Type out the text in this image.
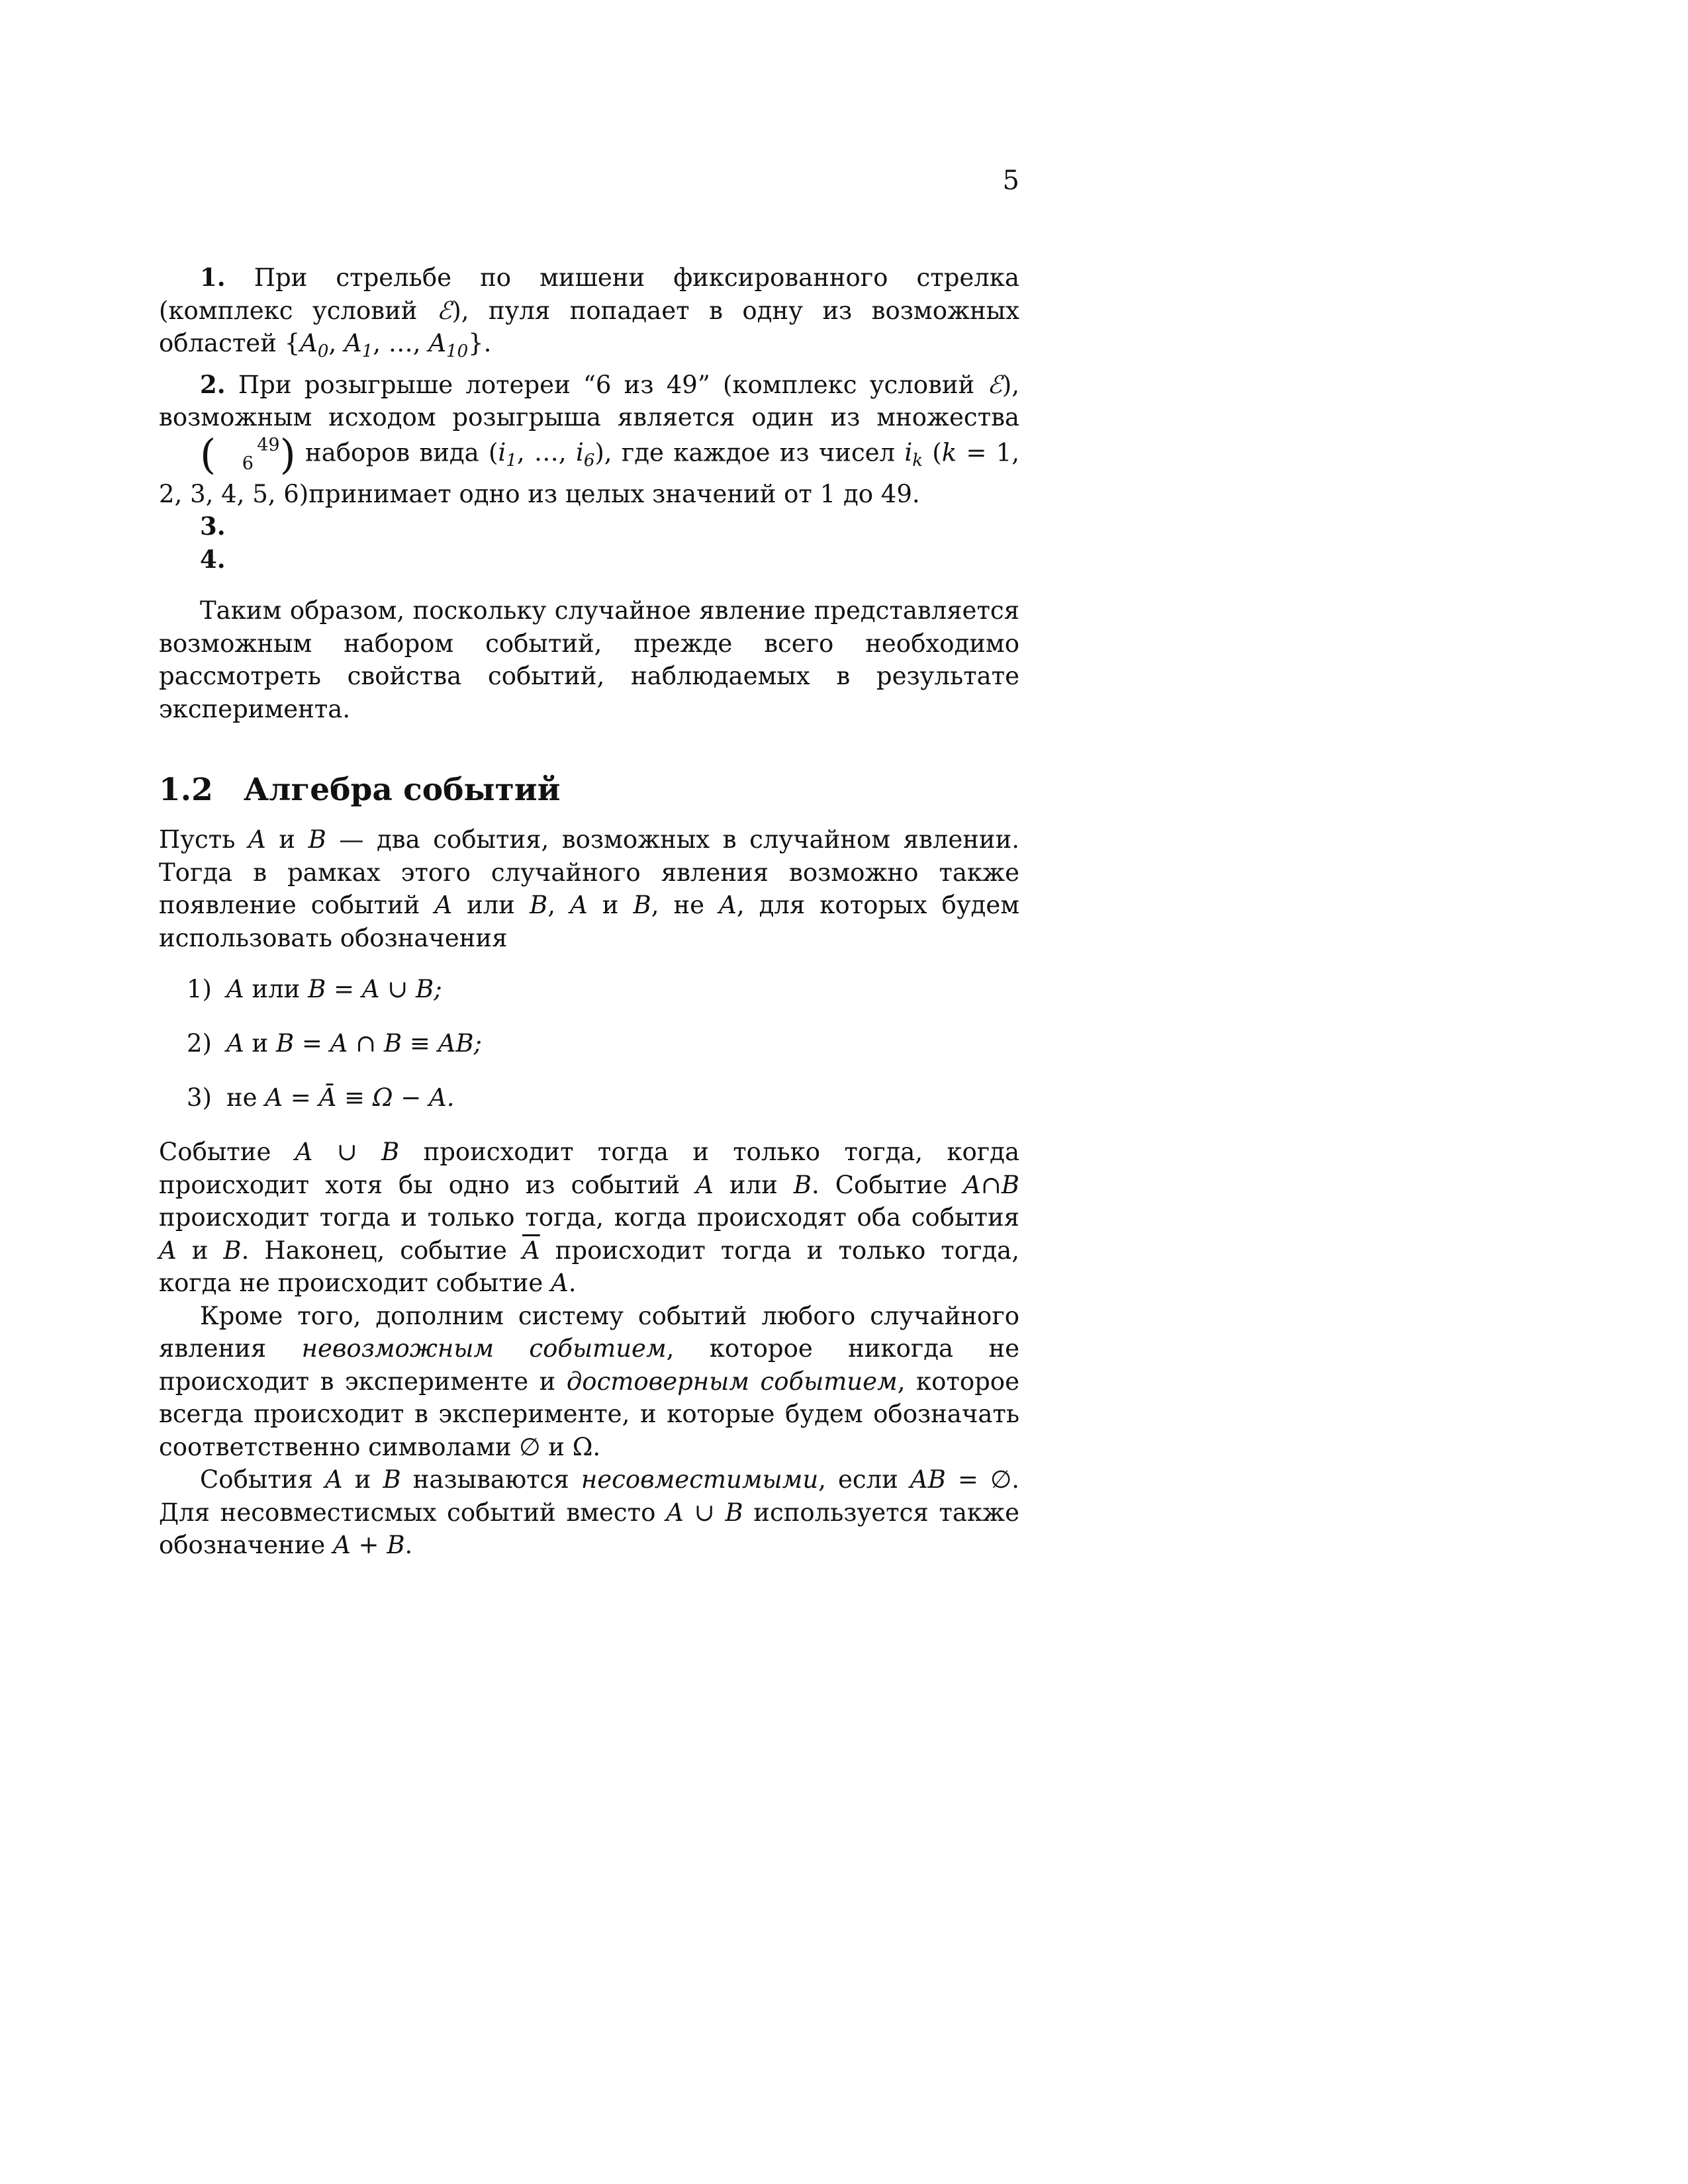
5

1. При стрельбе по мишени фиксированного стрелка (комплекс условий ℰ), пуля попадает в одну из возможных областей {$A_0$, $A_1$, …, $A_{10}$}.

2. При розыгрыше лотереи “6 из 49” (комплекс условий ℰ), возможным исходом розыгрыша является один из множества ( 49
6 ) наборов вида ($i_1$, …, $i_6$), где каждое из чисел $i_k$ (k = 1, 2, 3, 4, 5, 6)принимает одно из целых значений от 1 до 49.

3.

4.

Таким образом, поскольку случайное явление представляется возможным набором событий, прежде всего необходимо рассмотреть свойства событий, наблюдаемых в результате эксперимента.

1.2 Алгебра событий

Пусть A и B — два события, возможных в случайном явлении. Тогда в рамках этого случайного явления возможно также появление событий A или B, A и B, не A, для которых будем использовать обозначения

1) A или B = A ∪ B;
2) A и B = A ∩ B ≡ AB;
3) не A = Ā ≡ Ω − A.

Событие A ∪ B происходит тогда и только тогда, когда происходит хотя бы одно из событий A или B. Событие A∩B происходит тогда и только тогда, когда происходят оба события A и B. Наконец, событие $\overline{A}$ происходит тогда и только тогда, когда не происходит событие A.

Кроме того, дополним систему событий любого случайного явления невозможным событием, которое никогда не происходит в эксперименте и достоверным событием, которое всегда происходит в эксперименте, и которые будем обозначать соответственно символами ∅ и Ω.

События A и B называются несовместимыми, если AB = ∅. Для несовместисмых событий вместо A ∪ B используется также обозначение A + B.
